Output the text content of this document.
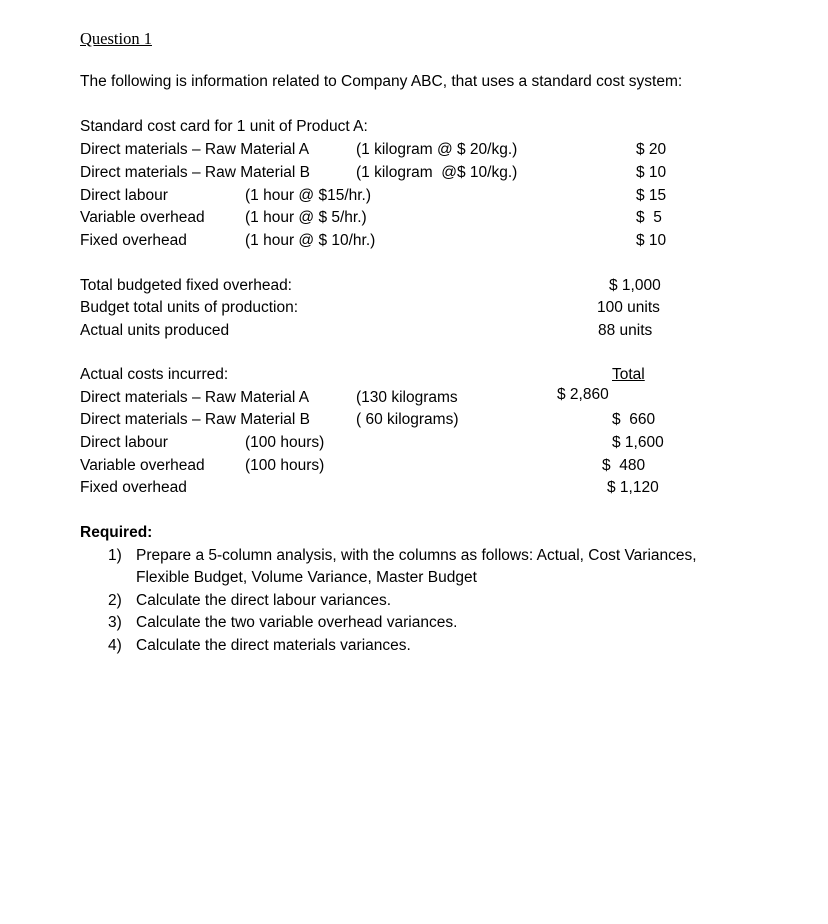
Question 1
The following is information related to Company ABC, that uses a standard cost system:
Standard cost card for 1 unit of Product A:
Direct materials – Raw Material A	(1 kilogram @ $ 20/kg.)	$ 20
Direct materials – Raw Material B	(1 kilogram  @$ 10/kg.)	$ 10
Direct labour	(1 hour @ $15/hr.)	$ 15
Variable overhead	(1 hour @ $ 5/hr.)	$  5
Fixed overhead	(1 hour @ $ 10/hr.)	$ 10
Total budgeted fixed overhead:	$ 1,000
Budget total units of production:	100 units
Actual units produced	88 units
Actual costs incurred:	Total
Direct materials – Raw Material A	(130 kilograms	$ 2,860
Direct materials – Raw Material B	( 60 kilograms)	$  660
Direct labour	(100 hours)	$ 1,600
Variable overhead	(100 hours)	$  480
Fixed overhead	$ 1,120
Required:
1) Prepare a 5-column analysis, with the columns as follows: Actual, Cost Variances,
Flexible Budget, Volume Variance, Master Budget
2) Calculate the direct labour variances.
3) Calculate the two variable overhead variances.
4) Calculate the direct materials variances.
